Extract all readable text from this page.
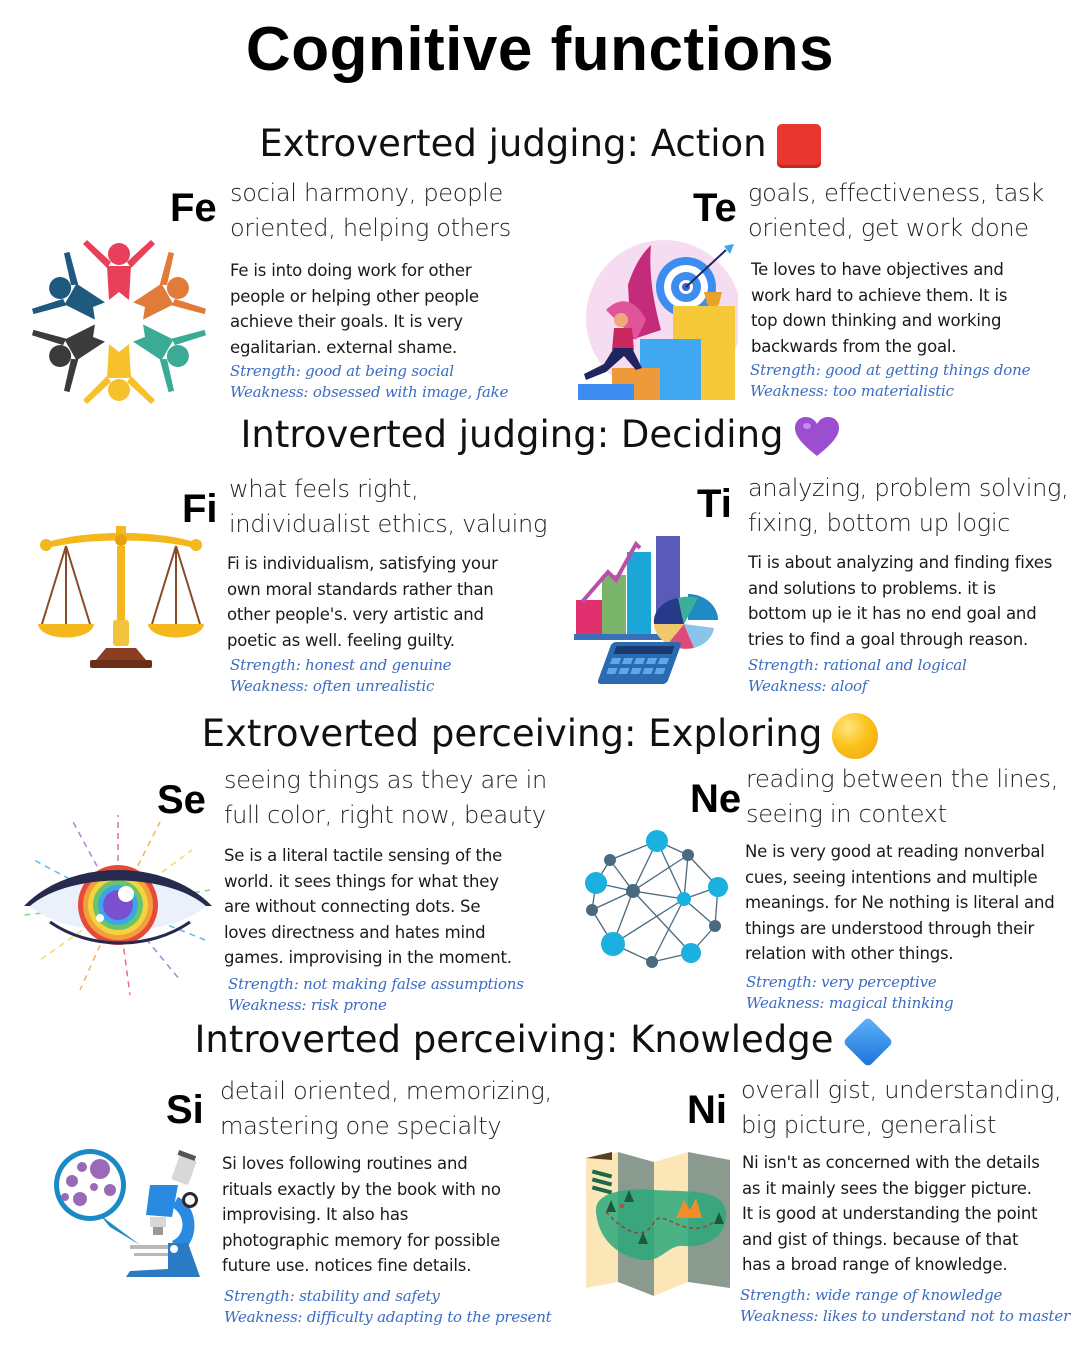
Cognitive functions
Extroverted judging: Action
Fe social harmony, people
oriented, helping others
Fe is into doing work for other
people or helping other people
achieve their goals. It is very
egalitarian. external shame.
Strength: good at being social
Weakness: obsessed with image, fake
Te goals, effectiveness, task
oriented, get work done
Te loves to have objectives and
work hard to achieve them. It is
top down thinking and working
backwards from the goal.
Strength: good at getting things done
Weakness: too materialistic
Introverted judging: Deciding
Fi what feels right,
individualist ethics, valuing
Fi is individualism, satisfying your
own moral standards rather than
other people's. very artistic and
poetic as well. feeling guilty.
Strength: honest and genuine
Weakness: often unrealistic
Ti analyzing, problem solving,
fixing, bottom up logic
Ti is about analyzing and finding fixes
and solutions to problems. it is
bottom up ie it has no end goal and
tries to find a goal through reason.
Strength: rational and logical
Weakness: aloof
Extroverted perceiving: Exploring
Se seeing things as they are in
full color, right now, beauty
Se is a literal tactile sensing of the
world. it sees things for what they
are without connecting dots. Se
loves directness and hates mind
games. improvising in the moment.
Strength: not making false assumptions
Weakness: risk prone
Ne reading between the lines,
seeing in context
Ne is very good at reading nonverbal
cues, seeing intentions and multiple
meanings. for Ne nothing is literal and
things are understood through their
relation with other things.
Strength: very perceptive
Weakness: magical thinking
Introverted perceiving: Knowledge
Si detail oriented, memorizing,
mastering one specialty
Si loves following routines and
rituals exactly by the book with no
improvising. It also has
photographic memory for possible
future use. notices fine details.
Strength: stability and safety
Weakness: difficulty adapting to the present
Ni overall gist, understanding,
big picture, generalist
Ni isn't as concerned with the details
as it mainly sees the bigger picture.
It is good at understanding the point
and gist of things. because of that
has a broad range of knowledge.
Strength: wide range of knowledge
Weakness: likes to understand not to master
